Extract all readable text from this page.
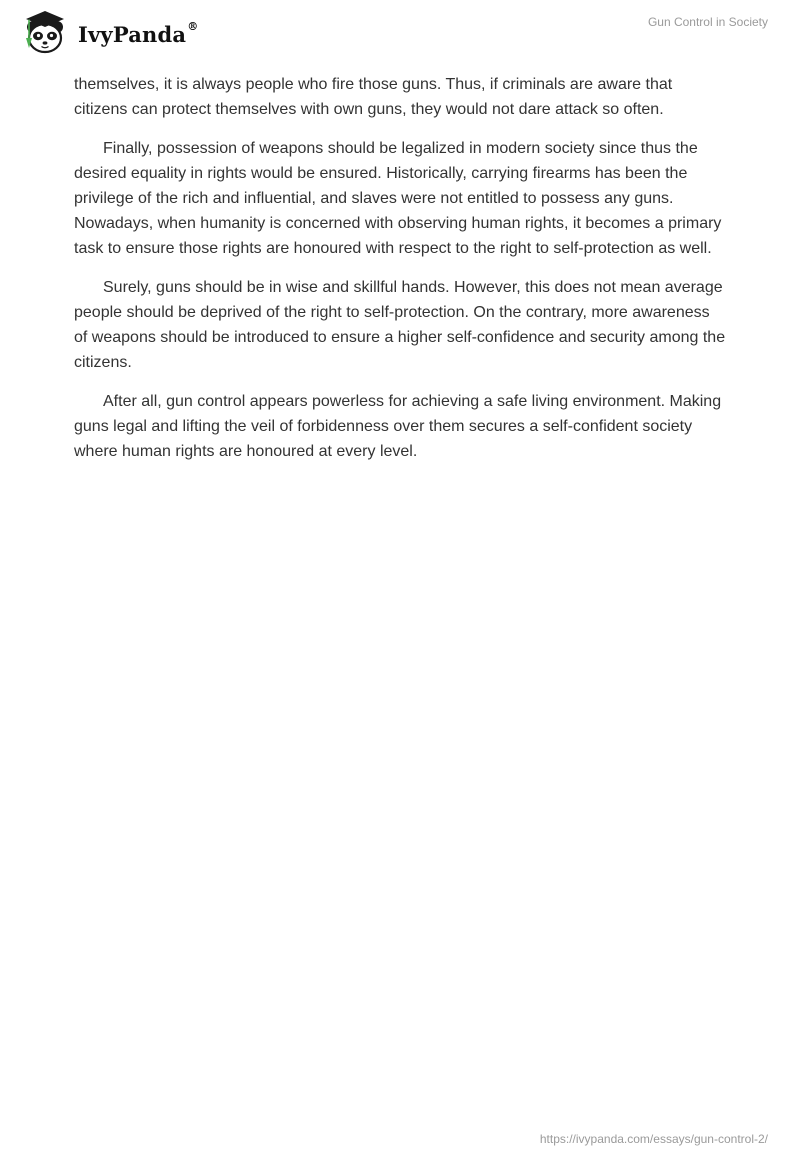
IvyPanda®	Gun Control in Society

themselves, it is always people who fire those guns. Thus, if criminals are aware that citizens can protect themselves with own guns, they would not dare attack so often.

Finally, possession of weapons should be legalized in modern society since thus the desired equality in rights would be ensured. Historically, carrying firearms has been the privilege of the rich and influential, and slaves were not entitled to possess any guns. Nowadays, when humanity is concerned with observing human rights, it becomes a primary task to ensure those rights are honoured with respect to the right to self-protection as well.

Surely, guns should be in wise and skillful hands. However, this does not mean average people should be deprived of the right to self-protection. On the contrary, more awareness of weapons should be introduced to ensure a higher self-confidence and security among the citizens.

After all, gun control appears powerless for achieving a safe living environment. Making guns legal and lifting the veil of forbidenness over them secures a self-confident society where human rights are honoured at every level.

https://ivypanda.com/essays/gun-control-2/
